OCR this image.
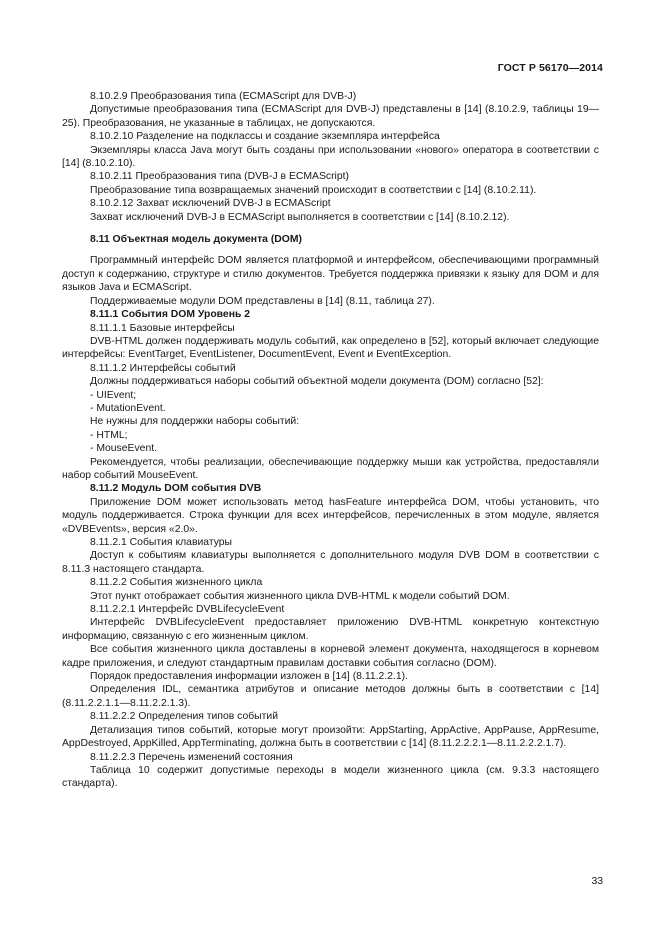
ГОСТ Р 56170—2014

8.10.2.9 Преобразования типа (ECMAScript для DVB-J)

Допустимые преобразования типа (ECMAScript для DVB-J) представлены в [14] (8.10.2.9, таблицы 19—25). Преобразования, не указанные в таблицах, не допускаются.

8.10.2.10 Разделение на подклассы и создание экземпляра интерфейса

Экземпляры класса Java могут быть созданы при использовании «нового» оператора в соответствии с [14] (8.10.2.10).

8.10.2.11 Преобразования типа (DVB-J в ECMAScript)

Преобразование типа возвращаемых значений происходит в соответствии с [14] (8.10.2.11).

8.10.2.12 Захват исключений DVB-J в ECMAScript

Захват исключений DVB-J в ECMAScript выполняется в соответствии с [14] (8.10.2.12).

8.11 Объектная модель документа (DOM)

Программный интерфейс DOM является платформой и интерфейсом, обеспечивающими программный доступ к содержанию, структуре и стилю документов. Требуется поддержка привязки к языку для DOM и для языков Java и ECMAScript.

Поддерживаемые модули DOM представлены в [14] (8.11, таблица 27).

8.11.1 События DOM Уровень 2

8.11.1.1 Базовые интерфейсы

DVB-HTML должен поддерживать модуль событий, как определено в [52], который включает следующие интерфейсы: EventTarget, EventListener, DocumentEvent, Event и EventException.

8.11.1.2 Интерфейсы событий

Должны поддерживаться наборы событий объектной модели документа (DOM) согласно [52]:

- UIEvent;

- MutationEvent.

Не нужны для поддержки наборы событий:

- HTML;

- MouseEvent.

Рекомендуется, чтобы реализации, обеспечивающие поддержку мыши как устройства, предоставляли набор событий MouseEvent.

8.11.2 Модуль DOM события DVB

Приложение DOM может использовать метод hasFeature интерфейса DOM, чтобы установить, что модуль поддерживается. Строка функции для всех интерфейсов, перечисленных в этом модуле, является «DVBEvents», версия «2.0».

8.11.2.1 События клавиатуры

Доступ к событиям клавиатуры выполняется с дополнительного модуля DVB DOM в соответствии с 8.11.3 настоящего стандарта.

8.11.2.2 События жизненного цикла

Этот пункт отображает события жизненного цикла DVB-HTML к модели событий DOM.

8.11.2.2.1 Интерфейс DVBLifecycleEvent

Интерфейс DVBLifecycleEvent предоставляет приложению DVB-HTML конкретную контекстную информацию, связанную с его жизненным циклом.

Все события жизненного цикла доставлены в корневой элемент документа, находящегося в корневом кадре приложения, и следуют стандартным правилам доставки события согласно (DOM).

Порядок предоставления информации изложен в [14] (8.11.2.2.1).

Определения IDL, семантика атрибутов и описание методов должны быть в соответствии с [14] (8.11.2.2.1.1—8.11.2.2.1.3).

8.11.2.2.2 Определения типов событий

Детализация типов событий, которые могут произойти: AppStarting, AppActive, AppPause, AppResume, AppDestroyed, AppKilled, AppTerminating, должна быть в соответствии с [14] (8.11.2.2.2.1—8.11.2.2.2.1.7).

8.11.2.2.3 Перечень изменений состояния

Таблица 10 содержит допустимые переходы в модели жизненного цикла (см. 9.3.3 настоящего стандарта).

33
